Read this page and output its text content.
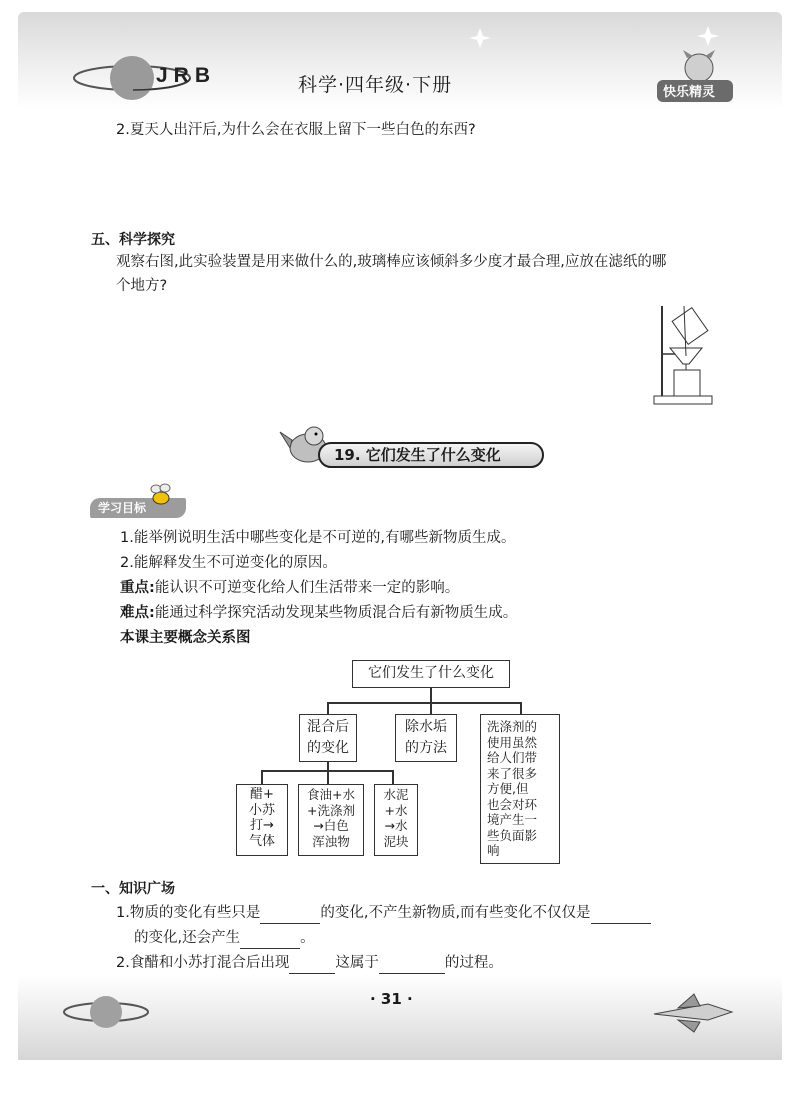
JRB	科学·四年级·下册	快乐精灵
2.夏天人出汗后,为什么会在衣服上留下一些白色的东西?
五、科学探究
观察右图,此实验装置是用来做什么的,玻璃棒应该倾斜多少度才最合理,应放在滤纸的哪
个地方?
19. 它们发生了什么变化
学习目标
1.能举例说明生活中哪些变化是不可逆的,有哪些新物质生成。
2.能解释发生不可逆变化的原因。
重点:能认识不可逆变化给人们生活带来一定的影响。
难点:能通过科学探究活动发现某些物质混合后有新物质生成。
本课主要概念关系图
它们发生了什么变化
混合后
的变化
除水垢
的方法
洗涤剂的
使用虽然
给人们带
来了很多
方便,但
也会对环
境产生一
些负面影
响
醋+
小苏
打→
气体
食油+水
+洗涤剂
→白色
浑浊物
水泥
+水
→水
泥块
一、知识广场
1.物质的变化有些只是	的变化,不产生新物质,而有些变化不仅仅是
的变化,还会产生	。
2.食醋和小苏打混合后出现	这属于	的过程。
· 31 ·
